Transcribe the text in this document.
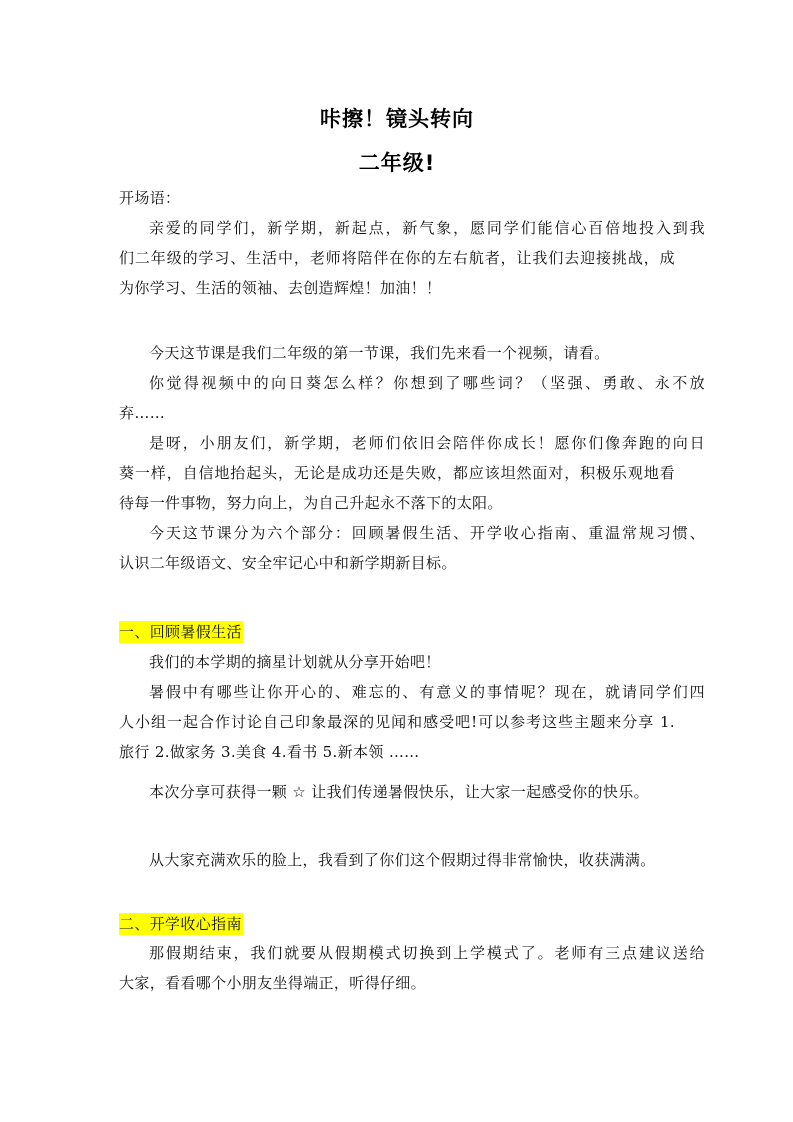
咔擦！镜头转向
二年级!
开场语：
亲爱的同学们，新学期，新起点，新气象，愿同学们能信心百倍地投入到我
们二年级的学习、生活中，老师将陪伴在你的左右航者，让我们去迎接挑战，成
为你学习、生活的领袖、去创造辉煌！加油！！
今天这节课是我们二年级的第一节课，我们先来看一个视频，请看。
你觉得视频中的向日葵怎么样？你想到了哪些词？（坚强、勇敢、永不放
弃……
是呀，小朋友们，新学期，老师们依旧会陪伴你成长！愿你们像奔跑的向日
葵一样，自信地抬起头，无论是成功还是失败，都应该坦然面对，积极乐观地看
待每一件事物，努力向上，为自己升起永不落下的太阳。
今天这节课分为六个部分：回顾暑假生活、开学收心指南、重温常规习惯、
认识二年级语文、安全牢记心中和新学期新目标。
一、回顾暑假生活
我们的本学期的摘星计划就从分享开始吧！
暑假中有哪些让你开心的、难忘的、有意义的事情呢？现在，就请同学们四
人小组一起合作讨论自己印象最深的见闻和感受吧!可以参考这些主题来分享 1.
旅行 2.做家务 3.美食 4.看书 5.新本领 ……
本次分享可获得一颗 ☆ 让我们传递暑假快乐，让大家一起感受你的快乐。
从大家充满欢乐的脸上，我看到了你们这个假期过得非常愉快，收获满满。
二、开学收心指南
那假期结束，我们就要从假期模式切换到上学模式了。老师有三点建议送给
大家，看看哪个小朋友坐得端正，听得仔细。
